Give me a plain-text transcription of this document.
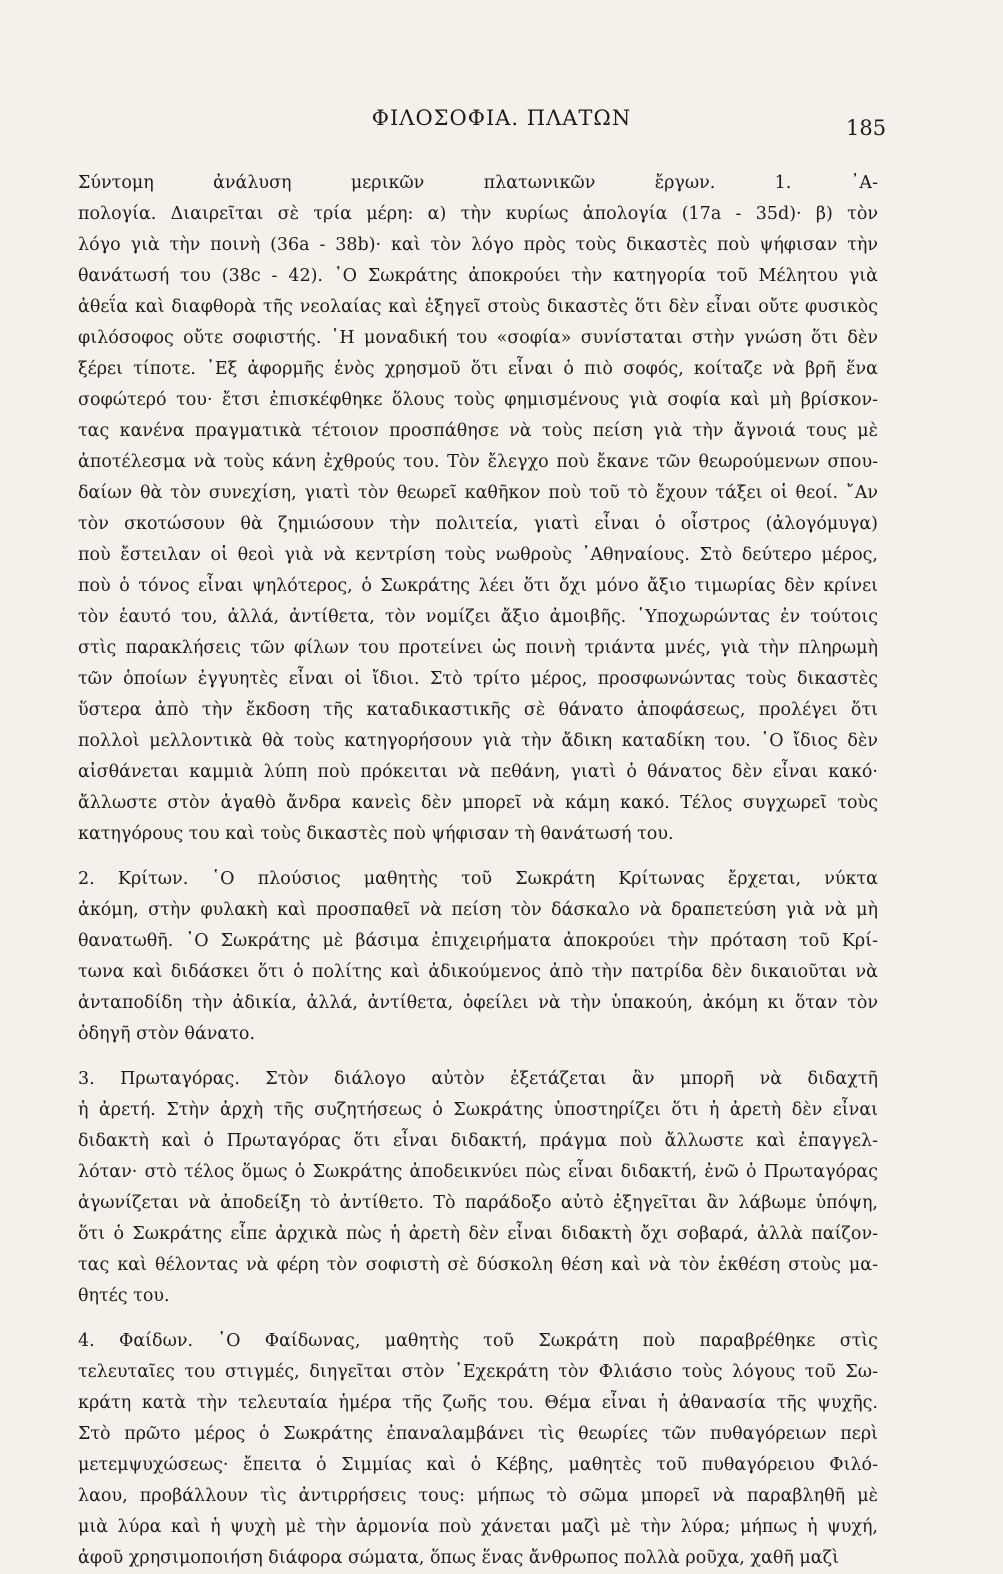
ΦΙΛΟΣΟΦΙΑ. ΠΛΑΤΩΝ	185
Σύντομη ἀνάλυση μερικῶν πλατωνικῶν ἔργων. 1. ᾿Α-
πολογία. Διαιρεῖται σὲ τρία μέρη: α) τὴν κυρίως ἀπολογία (17a - 35d)· β) τὸν
λόγο γιὰ τὴν ποινὴ (36a - 38b)· καὶ τὸν λόγο πρὸς τοὺς δικαστὲς ποὺ ψήφισαν τὴν
θανάτωσή του (38c - 42). ῾Ο Σωκράτης ἀποκρούει τὴν κατηγορία τοῦ Μέλητου γιὰ
ἀθεΐα καὶ διαφθορὰ τῆς νεολαίας καὶ ἐξηγεῖ στοὺς δικαστὲς ὅτι δὲν εἶναι οὔτε φυσικὸς
φιλόσοφος οὔτε σοφιστής. ῾Η μοναδική του «σοφία» συνίσταται στὴν γνώση ὅτι δὲν
ξέρει τίποτε. ᾿Εξ ἀφορμῆς ἑνὸς χρησμοῦ ὅτι εἶναι ὁ πιὸ σοφός, κοίταζε νὰ βρῆ ἕνα
σοφώτερό του· ἔτσι ἐπισκέφθηκε ὅλους τοὺς φημισμένους γιὰ σοφία καὶ μὴ βρίσκον-
τας κανένα πραγματικὰ τέτοιον προσπάθησε νὰ τοὺς πείση γιὰ τὴν ἄγνοιά τους μὲ
ἀποτέλεσμα νὰ τοὺς κάνη ἐχθρούς του. Τὸν ἔλεγχο ποὺ ἔκανε τῶν θεωρούμενων σπου-
δαίων θὰ τὸν συνεχίση, γιατὶ τὸν θεωρεῖ καθῆκον ποὺ τοῦ τὸ ἔχουν τάξει οἱ θεοί. ῎Αν
τὸν σκοτώσουν θὰ ζημιώσουν τὴν πολιτεία, γιατὶ εἶναι ὁ οἶστρος (ἀλογόμυγα)
ποὺ ἔστειλαν οἱ θεοὶ γιὰ νὰ κεντρίση τοὺς νωθροὺς ᾿Αθηναίους. Στὸ δεύτερο μέρος,
ποὺ ὁ τόνος εἶναι ψηλότερος, ὁ Σωκράτης λέει ὅτι ὄχι μόνο ἄξιο τιμωρίας δὲν κρίνει
τὸν ἑαυτό του, ἀλλά, ἀντίθετα, τὸν νομίζει ἄξιο ἀμοιβῆς. ῾Υποχωρώντας ἐν τούτοις
στὶς παρακλήσεις τῶν φίλων του προτείνει ὡς ποινὴ τριάντα μνές, γιὰ τὴν πληρωμὴ
τῶν ὁποίων ἐγγυητὲς εἶναι οἱ ἴδιοι. Στὸ τρίτο μέρος, προσφωνώντας τοὺς δικαστὲς
ὕστερα ἀπὸ τὴν ἔκδοση τῆς καταδικαστικῆς σὲ θάνατο ἀποφάσεως, προλέγει ὅτι
πολλοὶ μελλοντικὰ θὰ τοὺς κατηγορήσουν γιὰ τὴν ἄδικη καταδίκη του. ῾Ο ἴδιος δὲν
αἰσθάνεται καμμιὰ λύπη ποὺ πρόκειται νὰ πεθάνη, γιατὶ ὁ θάνατος δὲν εἶναι κακό·
ἄλλωστε στὸν ἀγαθὸ ἄνδρα κανεὶς δὲν μπορεῖ νὰ κάμη κακό. Τέλος συγχωρεῖ τοὺς
κατηγόρους του καὶ τοὺς δικαστὲς ποὺ ψήφισαν τὴ θανάτωσή του.
2. Κρίτων. ῾Ο πλούσιος μαθητὴς τοῦ Σωκράτη Κρίτωνας ἔρχεται, νύκτα
ἀκόμη, στὴν φυλακὴ καὶ προσπαθεῖ νὰ πείση τὸν δάσκαλο νὰ δραπετεύση γιὰ νὰ μὴ
θανατωθῆ. ῾Ο Σωκράτης μὲ βάσιμα ἐπιχειρήματα ἀποκρούει τὴν πρόταση τοῦ Κρί-
τωνα καὶ διδάσκει ὅτι ὁ πολίτης καὶ ἀδικούμενος ἀπὸ τὴν πατρίδα δὲν δικαιοῦται νὰ
ἀνταποδίδη τὴν ἀδικία, ἀλλά, ἀντίθετα, ὀφείλει νὰ τὴν ὑπακούη, ἀκόμη κι ὅταν τὸν
ὁδηγῆ στὸν θάνατο.
3. Πρωταγόρας. Στὸν διάλογο αὐτὸν ἐξετάζεται ἂν μπορῆ νὰ διδαχτῆ
ἡ ἀρετή. Στὴν ἀρχὴ τῆς συζητήσεως ὁ Σωκράτης ὑποστηρίζει ὅτι ἡ ἀρετὴ δὲν εἶναι
διδακτὴ καὶ ὁ Πρωταγόρας ὅτι εἶναι διδακτή, πράγμα ποὺ ἄλλωστε καὶ ἐπαγγελ-
λόταν· στὸ τέλος ὅμως ὁ Σωκράτης ἀποδεικνύει πὼς εἶναι διδακτή, ἐνῶ ὁ Πρωταγόρας
ἀγωνίζεται νὰ ἀποδείξη τὸ ἀντίθετο. Τὸ παράδοξο αὐτὸ ἐξηγεῖται ἂν λάβωμε ὑπόψη,
ὅτι ὁ Σωκράτης εἶπε ἀρχικὰ πὼς ἡ ἀρετὴ δὲν εἶναι διδακτὴ ὄχι σοβαρά, ἀλλὰ παίζον-
τας καὶ θέλοντας νὰ φέρη τὸν σοφιστὴ σὲ δύσκολη θέση καὶ νὰ τὸν ἐκθέση στοὺς μα-
θητές του.
4. Φαίδων. ῾Ο Φαίδωνας, μαθητὴς τοῦ Σωκράτη ποὺ παραβρέθηκε στὶς
τελευταῖες του στιγμές, διηγεῖται στὸν ᾿Εχεκράτη τὸν Φλιάσιο τοὺς λόγους τοῦ Σω-
κράτη κατὰ τὴν τελευταία ἡμέρα τῆς ζωῆς του. Θέμα εἶναι ἡ ἀθανασία τῆς ψυχῆς.
Στὸ πρῶτο μέρος ὁ Σωκράτης ἐπαναλαμβάνει τὶς θεωρίες τῶν πυθαγόρειων περὶ
μετεμψυχώσεως· ἔπειτα ὁ Σιμμίας καὶ ὁ Κέβης, μαθητὲς τοῦ πυθαγόρειου Φιλό-
λαου, προβάλλουν τὶς ἀντιρρήσεις τους: μήπως τὸ σῶμα μπορεῖ νὰ παραβληθῆ μὲ
μιὰ λύρα καὶ ἡ ψυχὴ μὲ τὴν ἁρμονία ποὺ χάνεται μαζὶ μὲ τὴν λύρα; μήπως ἡ ψυχή,
ἀφοῦ χρησιμοποιήση διάφορα σώματα, ὅπως ἕνας ἄνθρωπος πολλὰ ροῦχα, χαθῆ μαζὶ
